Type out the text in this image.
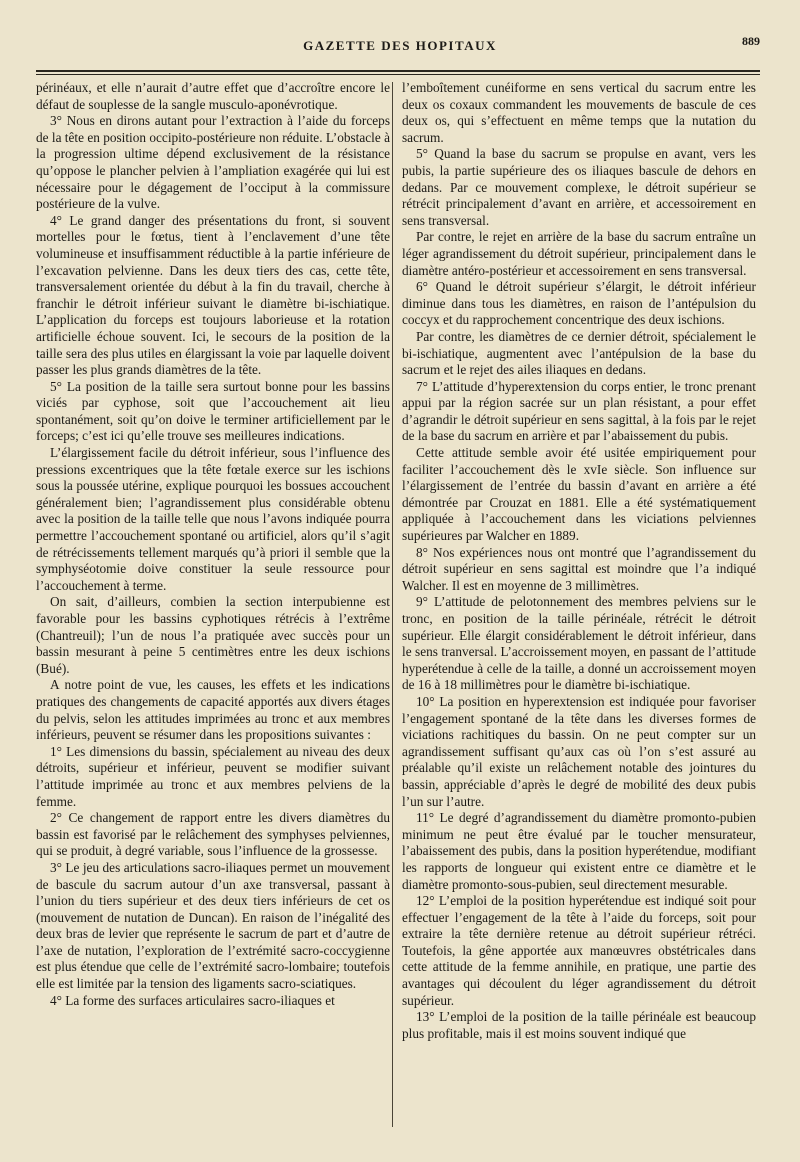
GAZETTE DES HOPITAUX	889

périnéaux, et elle n’aurait d’autre effet que d’accroître encore le défaut de souplesse de la sangle musculo-aponévrotique.

3° Nous en dirons autant pour l’extraction à l’aide du forceps de la tête en position occipito-postérieure non réduite. L’obstacle à la progression ultime dépend exclusivement de la résistance qu’oppose le plancher pelvien à l’ampliation exagérée qui lui est nécessaire pour le dégagement de l’occiput à la commissure postérieure de la vulve.

4° Le grand danger des présentations du front, si souvent mortelles pour le fœtus, tient à l’enclavement d’une tête volumineuse et insuffisamment réductible à la partie inférieure de l’excavation pelvienne. Dans les deux tiers des cas, cette tête, transversalement orientée du début à la fin du travail, cherche à franchir le détroit inférieur suivant le diamètre bi-ischiatique. L’application du forceps est toujours laborieuse et la rotation artificielle échoue souvent. Ici, le secours de la position de la taille sera des plus utiles en élargissant la voie par laquelle doivent passer les plus grands diamètres de la tête.

5° La position de la taille sera surtout bonne pour les bassins viciés par cyphose, soit que l’accouchement ait lieu spontanément, soit qu’on doive le terminer artificiellement par le forceps; c’est ici qu’elle trouve ses meilleures indications.

L’élargissement facile du détroit inférieur, sous l’influence des pressions excentriques que la tête fœtale exerce sur les ischions sous la poussée utérine, explique pourquoi les bossues accouchent généralement bien; l’agrandissement plus considérable obtenu avec la position de la taille telle que nous l’avons indiquée pourra permettre l’accouchement spontané ou artificiel, alors qu’il s’agit de rétrécissements tellement marqués qu’à priori il semble que la symphyséotomie doive constituer la seule ressource pour l’accouchement à terme.

On sait, d’ailleurs, combien la section interpubienne est favorable pour les bassins cyphotiques rétrécis à l’extrême (Chantreuil); l’un de nous l’a pratiquée avec succès pour un bassin mesurant à peine 5 centimètres entre les deux ischions (Bué).

A notre point de vue, les causes, les effets et les indications pratiques des changements de capacité apportés aux divers étages du pelvis, selon les attitudes imprimées au tronc et aux membres inférieurs, peuvent se résumer dans les propositions suivantes :

1° Les dimensions du bassin, spécialement au niveau des deux détroits, supérieur et inférieur, peuvent se modifier suivant l’attitude imprimée au tronc et aux membres pelviens de la femme.

2° Ce changement de rapport entre les divers diamètres du bassin est favorisé par le relâchement des symphyses pelviennes, qui se produit, à degré variable, sous l’influence de la grossesse.

3° Le jeu des articulations sacro-iliaques permet un mouvement de bascule du sacrum autour d’un axe transversal, passant à l’union du tiers supérieur et des deux tiers inférieurs de cet os (mouvement de nutation de Duncan). En raison de l’inégalité des deux bras de levier que représente le sacrum de part et d’autre de l’axe de nutation, l’exploration de l’extrémité sacro-coccygienne est plus étendue que celle de l’extrémité sacro-lombaire; toutefois elle est limitée par la tension des ligaments sacro-sciatiques.

4° La forme des surfaces articulaires sacro-iliaques et

l’emboîtement cunéiforme en sens vertical du sacrum entre les deux os coxaux commandent les mouvements de bascule de ces deux os, qui s’effectuent en même temps que la nutation du sacrum.

5° Quand la base du sacrum se propulse en avant, vers les pubis, la partie supérieure des os iliaques bascule de dehors en dedans. Par ce mouvement complexe, le détroit supérieur se rétrécit principalement d’avant en arrière, et accessoirement en sens transversal.

Par contre, le rejet en arrière de la base du sacrum entraîne un léger agrandissement du détroit supérieur, principalement dans le diamètre antéro-postérieur et accessoirement en sens transversal.

6° Quand le détroit supérieur s’élargit, le détroit inférieur diminue dans tous les diamètres, en raison de l’antépulsion du coccyx et du rapprochement concentrique des deux ischions.

Par contre, les diamètres de ce dernier détroit, spécialement le bi-ischiatique, augmentent avec l’antépulsion de la base du sacrum et le rejet des ailes iliaques en dedans.

7° L’attitude d’hyperextension du corps entier, le tronc prenant appui par la région sacrée sur un plan résistant, a pour effet d’agrandir le détroit supérieur en sens sagittal, à la fois par le rejet de la base du sacrum en arrière et par l’abaissement du pubis.

Cette attitude semble avoir été usitée empiriquement pour faciliter l’accouchement dès le xvIe siècle. Son influence sur l’élargissement de l’entrée du bassin d’avant en arrière a été démontrée par Crouzat en 1881. Elle a été systématiquement appliquée à l’accouchement dans les viciations pelviennes supérieures par Walcher en 1889.

8° Nos expériences nous ont montré que l’agrandissement du détroit supérieur en sens sagittal est moindre que l’a indiqué Walcher. Il est en moyenne de 3 millimètres.

9° L’attitude de pelotonnement des membres pelviens sur le tronc, en position de la taille périnéale, rétrécit le détroit supérieur. Elle élargit considérablement le détroit inférieur, dans le sens tranversal. L’accroissement moyen, en passant de l’attitude hyperétendue à celle de la taille, a donné un accroissement moyen de 16 à 18 millimètres pour le diamètre bi-ischiatique.

10° La position en hyperextension est indiquée pour favoriser l’engagement spontané de la tête dans les diverses formes de viciations rachitiques du bassin. On ne peut compter sur un agrandissement suffisant qu’aux cas où l’on s’est assuré au préalable qu’il existe un relâchement notable des jointures du bassin, appréciable d’après le degré de mobilité des deux pubis l’un sur l’autre.

11° Le degré d’agrandissement du diamètre promonto-pubien minimum ne peut être évalué par le toucher mensurateur, l’abaissement des pubis, dans la position hyperétendue, modifiant les rapports de longueur qui existent entre ce diamètre et le diamètre promonto-sous-pubien, seul directement mesurable.

12° L’emploi de la position hyperétendue est indiqué soit pour effectuer l’engagement de la tête à l’aide du forceps, soit pour extraire la tête dernière retenue au détroit supérieur rétréci. Toutefois, la gêne apportée aux manœuvres obstétricales dans cette attitude de la femme annihile, en pratique, une partie des avantages qui découlent du léger agrandissement du détroit supérieur.

13° L’emploi de la position de la taille périnéale est beaucoup plus profitable, mais il est moins souvent indiqué que
